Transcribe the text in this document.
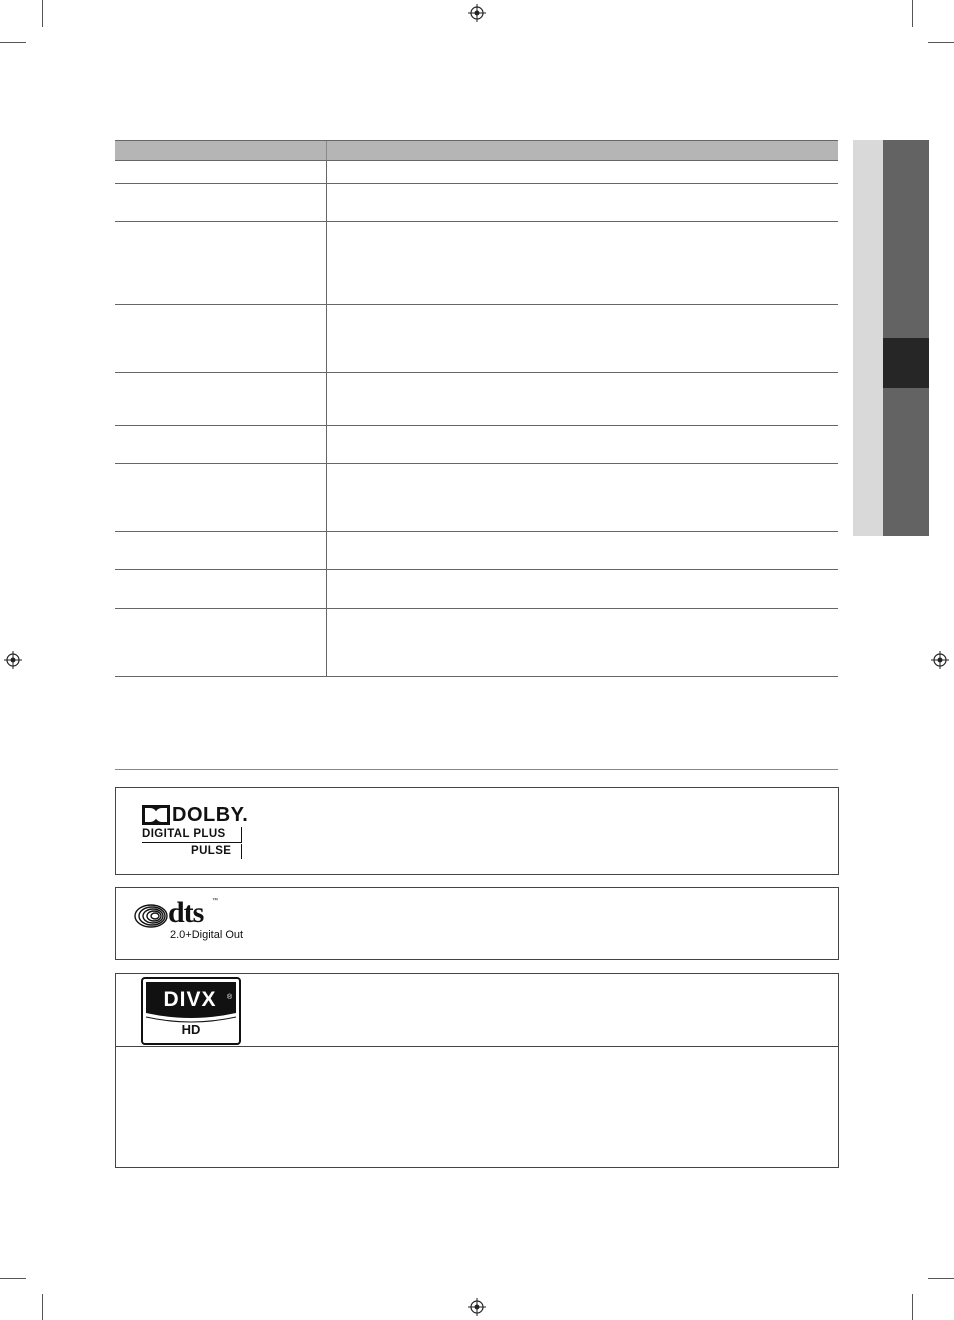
DOLBY.
DIGITAL PLUS
PULSE
dts ™
2.0+Digital Out
DIVX	®
HD
